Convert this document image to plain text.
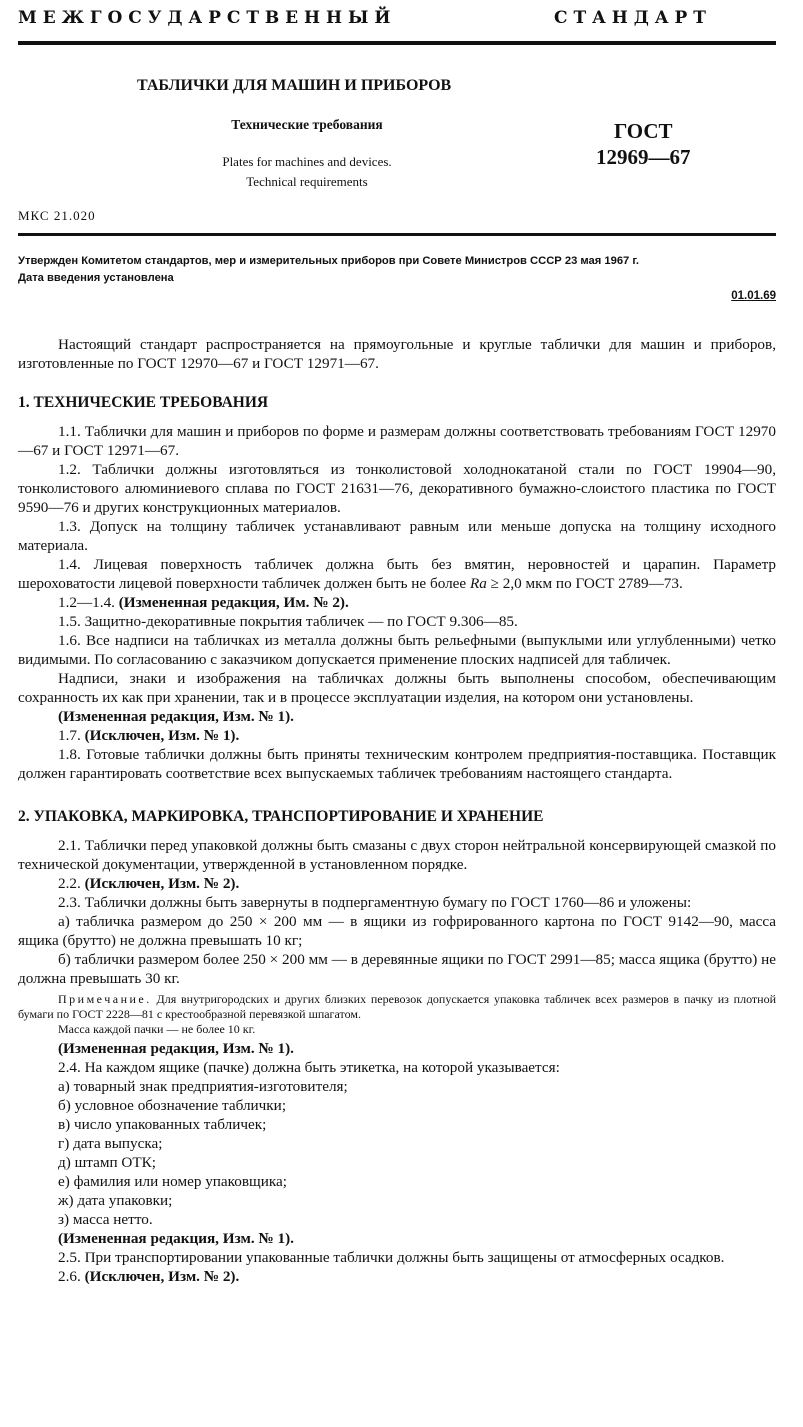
М Е Ж Г О С У Д А Р С Т В Е Н Н Ы Й	С Т А Н Д А Р Т
ТАБЛИЧКИ ДЛЯ МАШИН И ПРИБОРОВ
Технические требования
Plates for machines and devices.
Technical requirements
ГОСТ
12969—67
МКС 21.020
Утвержден Комитетом стандартов, мер и измерительных приборов при Совете Министров СССР 23 мая 1967 г.
Дата введения установлена
01.01.69

Настоящий стандарт распространяется на прямоугольные и круглые таблички для машин и приборов, изготовленные по ГОСТ 12970—67 и ГОСТ 12971—67.

1. ТЕХНИЧЕСКИЕ ТРЕБОВАНИЯ

1.1. Таблички для машин и приборов по форме и размерам должны соответствовать требованиям ГОСТ 12970—67 и ГОСТ 12971—67.

1.2. Таблички должны изготовляться из тонколистовой холоднокатаной стали по ГОСТ 19904—90, тонколистового алюминиевого сплава по ГОСТ 21631—76, декоративного бумажно-слоистого пластика по ГОСТ 9590—76 и других конструкционных материалов.

1.3. Допуск на толщину табличек устанавливают равным или меньше допуска на толщину исходного материала.

1.4. Лицевая поверхность табличек должна быть без вмятин, неровностей и царапин. Параметр шероховатости лицевой поверхности табличек должен быть не более Ra ≥ 2,0 мкм по ГОСТ 2789—73.

1.2—1.4. (Измененная редакция, Им. № 2).

1.5. Защитно-декоративные покрытия табличек — по ГОСТ 9.306—85.

1.6. Все надписи на табличках из металла должны быть рельефными (выпуклыми или углубленными) четко видимыми. По согласованию с заказчиком допускается применение плоских надписей для табличек.

Надписи, знаки и изображения на табличках должны быть выполнены способом, обеспечивающим сохранность их как при хранении, так и в процессе эксплуатации изделия, на котором они установлены.

(Измененная редакция, Изм. № 1).

1.7. (Исключен, Изм. № 1).

1.8. Готовые таблички должны быть приняты техническим контролем предприятия-поставщика. Поставщик должен гарантировать соответствие всех выпускаемых табличек требованиям настоящего стандарта.

2. УПАКОВКА, МАРКИРОВКА, ТРАНСПОРТИРОВАНИЕ И ХРАНЕНИЕ

2.1. Таблички перед упаковкой должны быть смазаны с двух сторон нейтральной консервирующей смазкой по технической документации, утвержденной в установленном порядке.

2.2. (Исключен, Изм. № 2).

2.3. Таблички должны быть завернуты в подпергаментную бумагу по ГОСТ 1760—86 и уложены:

а) табличка размером до 250 × 200 мм — в ящики из гофрированного картона по ГОСТ 9142—90, масса ящика (брутто) не должна превышать 10 кг;

б) таблички размером более 250 × 200 мм — в деревянные ящики по ГОСТ 2991—85; масса ящика (брутто) не должна превышать 30 кг.

Примечание. Для внутригородских и других близких перевозок допускается упаковка табличек всех размеров в пачку из плотной бумаги по ГОСТ 2228—81 с крестообразной перевязкой шпагатом.

Масса каждой пачки — не более 10 кг.

(Измененная редакция, Изм. № 1).

2.4. На каждом ящике (пачке) должна быть этикетка, на которой указывается:

а) товарный знак предприятия-изготовителя;

б) условное обозначение таблички;

в) число упакованных табличек;

г) дата выпуска;

д) штамп ОТК;

е) фамилия или номер упаковщика;

ж) дата упаковки;

з) масса нетто.

(Измененная редакция, Изм. № 1).

2.5. При транспортировании упакованные таблички должны быть защищены от атмосферных осадков.

2.6. (Исключен, Изм. № 2).
